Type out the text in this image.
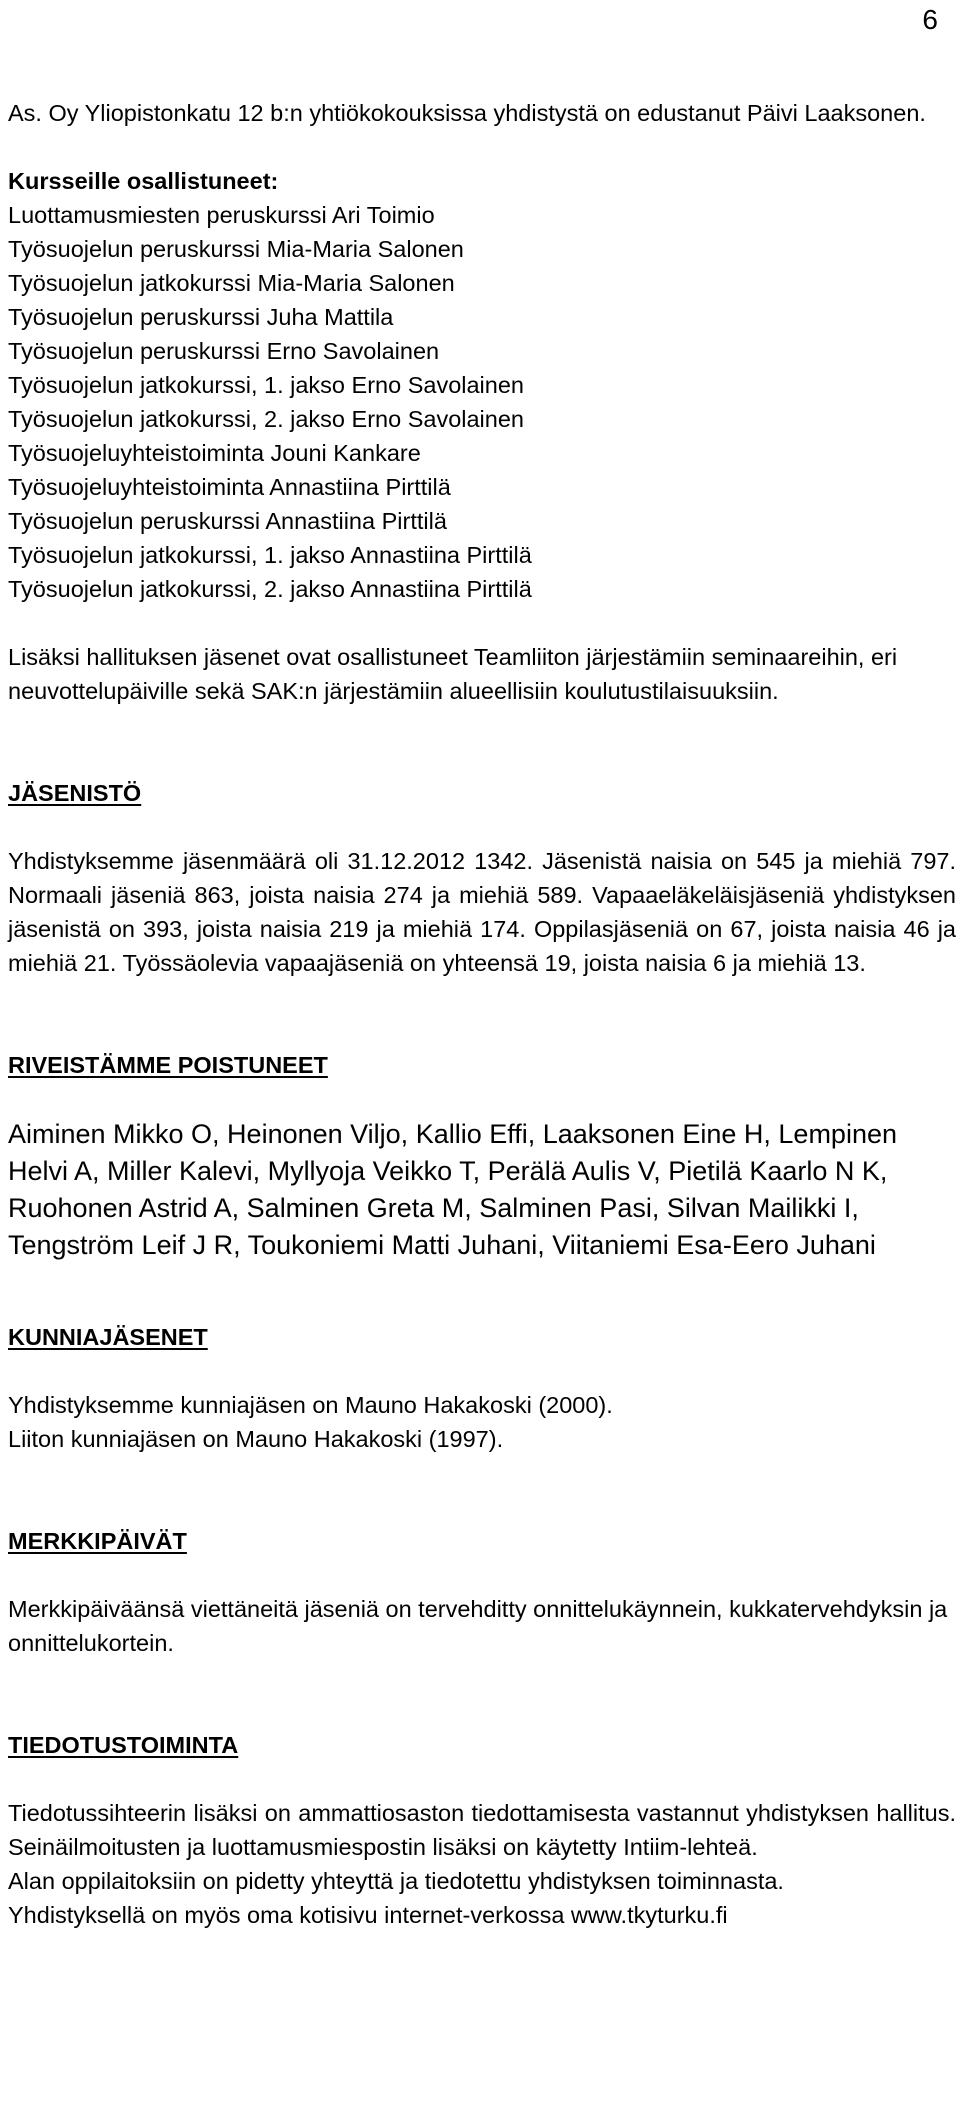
6

As. Oy Yliopistonkatu 12 b:n yhtiökokouksissa yhdistystä on edustanut Päivi Laaksonen.

Kursseille osallistuneet:

Luottamusmiesten peruskurssi Ari Toimio

Työsuojelun peruskurssi Mia-Maria Salonen

Työsuojelun jatkokurssi Mia-Maria Salonen

Työsuojelun peruskurssi Juha Mattila

Työsuojelun peruskurssi Erno Savolainen

Työsuojelun jatkokurssi, 1. jakso Erno Savolainen

Työsuojelun jatkokurssi, 2. jakso Erno Savolainen

Työsuojeluyhteistoiminta Jouni Kankare

Työsuojeluyhteistoiminta Annastiina Pirttilä

Työsuojelun peruskurssi Annastiina Pirttilä

Työsuojelun jatkokurssi, 1. jakso Annastiina Pirttilä

Työsuojelun jatkokurssi, 2. jakso Annastiina Pirttilä

Lisäksi hallituksen jäsenet ovat osallistuneet Teamliiton järjestämiin seminaareihin, eri neuvottelupäiville sekä SAK:n järjestämiin alueellisiin koulutustilaisuuksiin.

JÄSENISTÖ

Yhdistyksemme jäsenmäärä oli 31.12.2012 1342. Jäsenistä naisia on 545 ja miehiä 797. Normaali jäseniä 863, joista naisia 274 ja miehiä 589. Vapaaeläkeläisjäseniä yhdistyksen jäsenistä on 393, joista naisia 219 ja miehiä 174. Oppilasjäseniä on 67, joista naisia 46 ja miehiä 21. Työssäolevia vapaajäseniä on yhteensä 19, joista naisia 6 ja miehiä 13.

RIVEISTÄMME POISTUNEET

Aiminen Mikko O, Heinonen Viljo, Kallio Effi, Laaksonen Eine H, Lempinen Helvi A, Miller Kalevi, Myllyoja Veikko T, Perälä Aulis V, Pietilä Kaarlo N K, Ruohonen Astrid A, Salminen Greta M, Salminen Pasi, Silvan Mailikki I, Tengström Leif J R, Toukoniemi Matti Juhani, Viitaniemi Esa-Eero Juhani

KUNNIAJÄSENET

Yhdistyksemme kunniajäsen on Mauno Hakakoski (2000).

Liiton kunniajäsen on Mauno Hakakoski (1997).

MERKKIPÄIVÄT

Merkkipäiväänsä viettäneitä jäseniä on tervehditty onnittelukäynnein, kukkatervehdyksin ja onnittelukortein.

TIEDOTUSTOIMINTA

Tiedotussihteerin lisäksi on ammattiosaston tiedottamisesta vastannut yhdistyksen hallitus. Seinäilmoitusten ja luottamusmiespostin lisäksi on käytetty Intiim-lehteä.

Alan oppilaitoksiin on pidetty yhteyttä ja tiedotettu yhdistyksen toiminnasta.

Yhdistyksellä on myös oma kotisivu internet-verkossa www.tkyturku.fi
